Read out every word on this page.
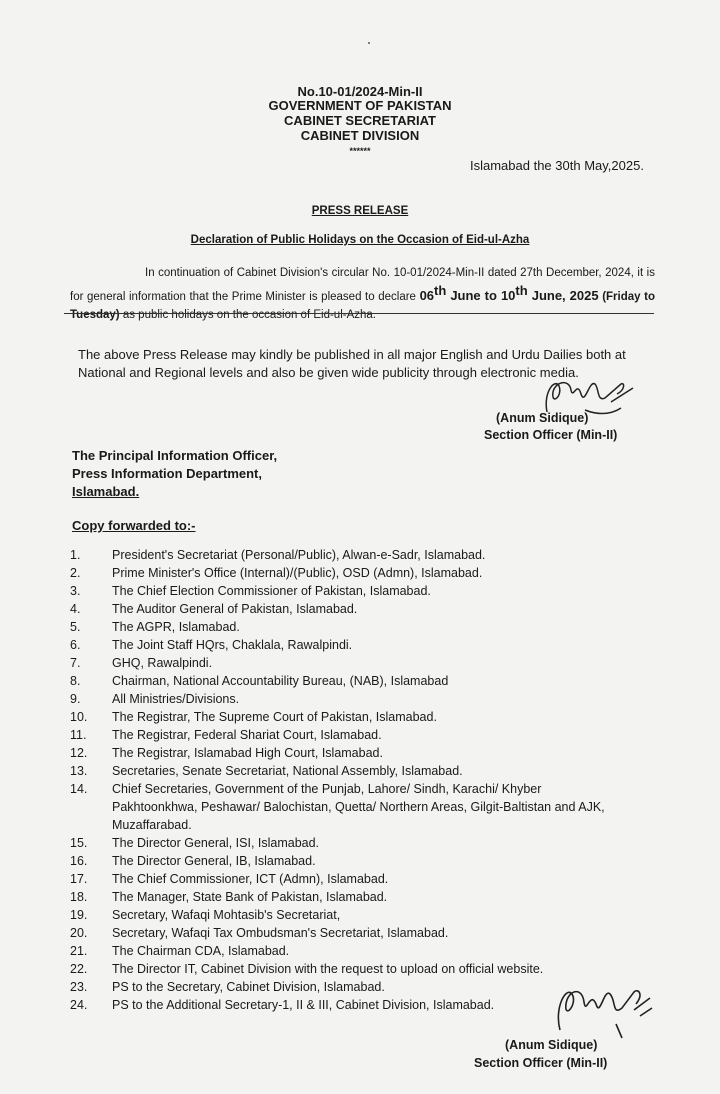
No.10-01/2024-Min-II
GOVERNMENT OF PAKISTAN
CABINET SECRETARIAT
CABINET DIVISION
******
Islamabad the 30th May,2025.
PRESS RELEASE
Declaration of Public Holidays on the Occasion of Eid-ul-Azha
In continuation of Cabinet Division's circular No. 10-01/2024-Min-II dated 27th December, 2024, it is for general information that the Prime Minister is pleased to declare 06th June to 10th June, 2025 (Friday to Tuesday) as public holidays on the occasion of Eid-ul-Azha.
The above Press Release may kindly be published in all major English and Urdu Dailies both at National and Regional levels and also be given wide publicity through electronic media.
(Anum Sidique)
Section Officer (Min-II)
The Principal Information Officer,
Press Information Department,
Islamabad.
Copy forwarded to:-
1.	President's Secretariat (Personal/Public), Alwan-e-Sadr, Islamabad.
2.	Prime Minister's Office (Internal)/(Public), OSD (Admn), Islamabad.
3.	The Chief Election Commissioner of Pakistan, Islamabad.
4.	The Auditor General of Pakistan, Islamabad.
5.	The AGPR, Islamabad.
6.	The Joint Staff HQrs, Chaklala, Rawalpindi.
7.	GHQ, Rawalpindi.
8.	Chairman, National Accountability Bureau, (NAB), Islamabad
9.	All Ministries/Divisions.
10. The Registrar, The Supreme Court of Pakistan, Islamabad.
11. The Registrar, Federal Shariat Court, Islamabad.
12. The Registrar, Islamabad High Court, Islamabad.
13. Secretaries, Senate Secretariat, National Assembly, Islamabad.
14. Chief Secretaries, Government of the Punjab, Lahore/ Sindh, Karachi/ Khyber Pakhtoonkhwa, Peshawar/ Balochistan, Quetta/ Northern Areas, Gilgit-Baltistan and AJK, Muzaffarabad.
15. The Director General, ISI, Islamabad.
16. The Director General, IB, Islamabad.
17. The Chief Commissioner, ICT (Admn), Islamabad.
18. The Manager, State Bank of Pakistan, Islamabad.
19. Secretary, Wafaqi Mohtasib's Secretariat,
20. Secretary, Wafaqi Tax Ombudsman's Secretariat, Islamabad.
21. The Chairman CDA, Islamabad.
22. The Director IT, Cabinet Division with the request to upload on official website.
23. PS to the Secretary, Cabinet Division, Islamabad.
24. PS to the Additional Secretary-1, II & III, Cabinet Division, Islamabad.
(Anum Sidique)
Section Officer (Min-II)
